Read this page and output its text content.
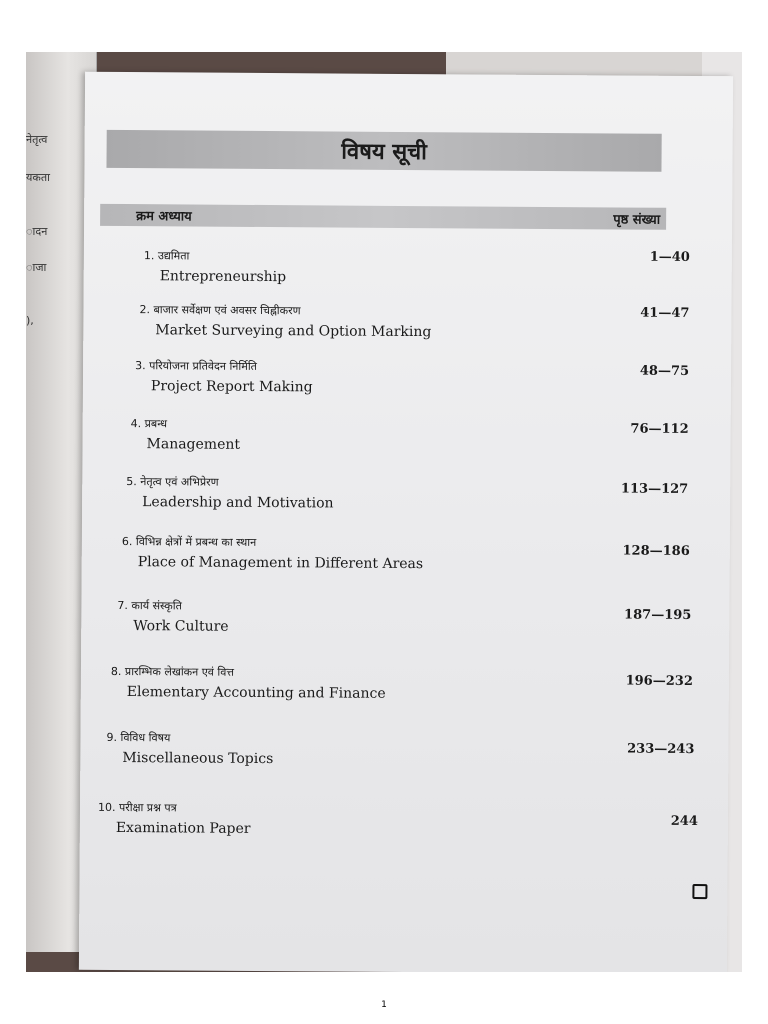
नेतृत्व
यकता
ादन
ाजा
),
विषय सूची
क्रम अध्याय	पृष्ठ संख्या
1. उद्यमिता
Entrepreneurship
1—40
2. बाजार सर्वेक्षण एवं अवसर चिह्नीकरण
Market Surveying and Option Marking
41—47
3. परियोजना प्रतिवेदन निर्मिति
Project Report Making
48—75
4. प्रबन्ध
Management
76—112
5. नेतृत्व एवं अभिप्रेरण
Leadership and Motivation
113—127
6. विभिन्न क्षेत्रों में प्रबन्ध का स्थान
Place of Management in Different Areas
128—186
7. कार्य संस्कृति
Work Culture
187—195
8. प्रारम्भिक लेखांकन एवं वित्त
Elementary Accounting and Finance
196—232
9. विविध विषय
Miscellaneous Topics
233—243
10. परीक्षा प्रश्न पत्र
Examination Paper	244
1
